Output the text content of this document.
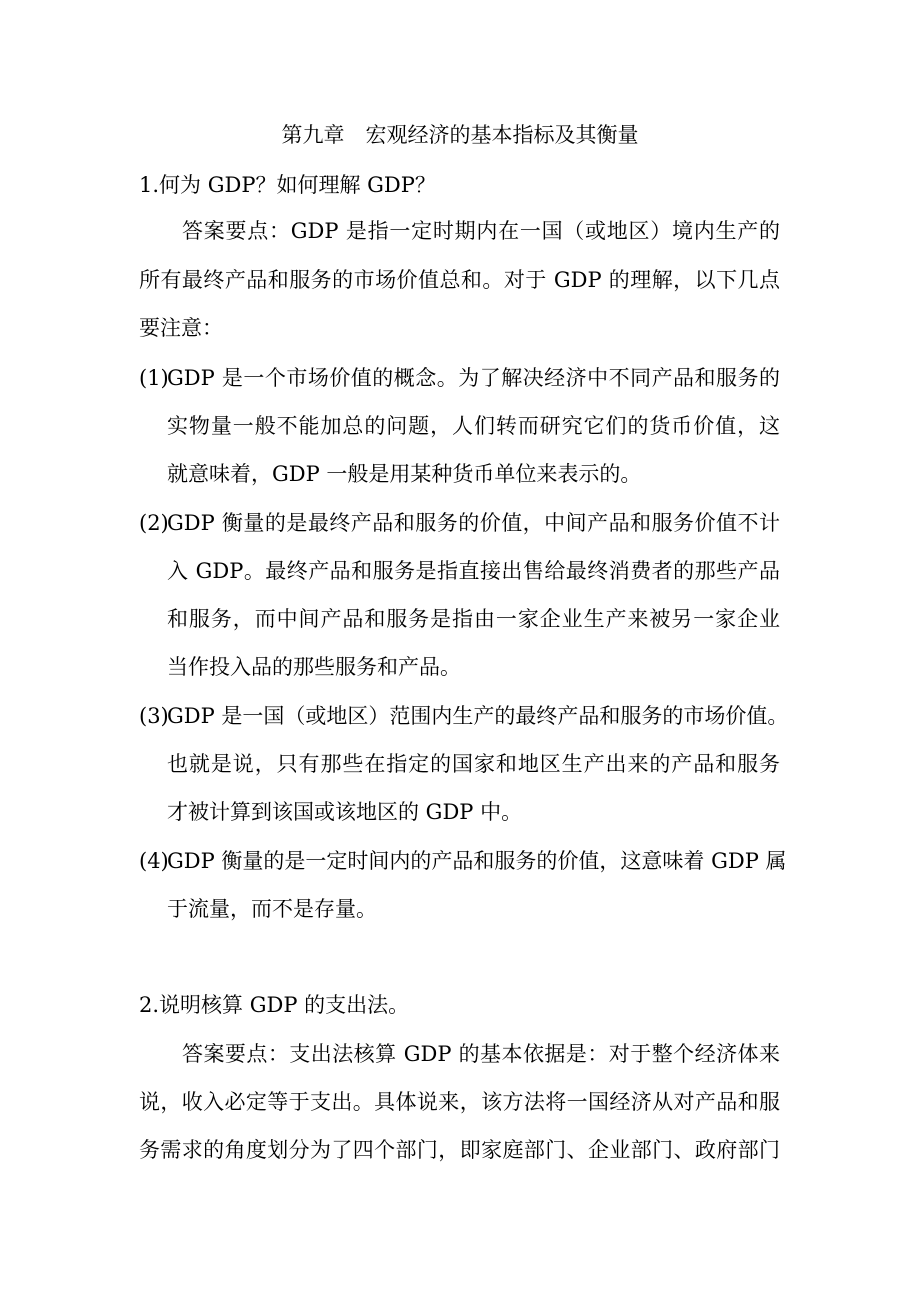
第九章　宏观经济的基本指标及其衡量
1.何为 GDP？如何理解 GDP？
答案要点：GDP 是指一定时期内在一国（或地区）境内生产的
所有最终产品和服务的市场价值总和。对于 GDP 的理解，以下几点
要注意：
(1)
GDP 是一个市场价值的概念。为了解决经济中不同产品和服务的
实物量一般不能加总的问题，人们转而研究它们的货币价值，这
就意味着，GDP 一般是用某种货币单位来表示的。
(2)
GDP 衡量的是最终产品和服务的价值，中间产品和服务价值不计
入 GDP。最终产品和服务是指直接出售给最终消费者的那些产品
和服务，而中间产品和服务是指由一家企业生产来被另一家企业
当作投入品的那些服务和产品。
(3)
GDP 是一国（或地区）范围内生产的最终产品和服务的市场价值。
也就是说，只有那些在指定的国家和地区生产出来的产品和服务
才被计算到该国或该地区的 GDP 中。
(4)
GDP 衡量的是一定时间内的产品和服务的价值，这意味着 GDP 属
于流量，而不是存量。
2.说明核算 GDP 的支出法。
答案要点：支出法核算 GDP 的基本依据是：对于整个经济体来
说，收入必定等于支出。具体说来，该方法将一国经济从对产品和服
务需求的角度划分为了四个部门，即家庭部门、企业部门、政府部门
